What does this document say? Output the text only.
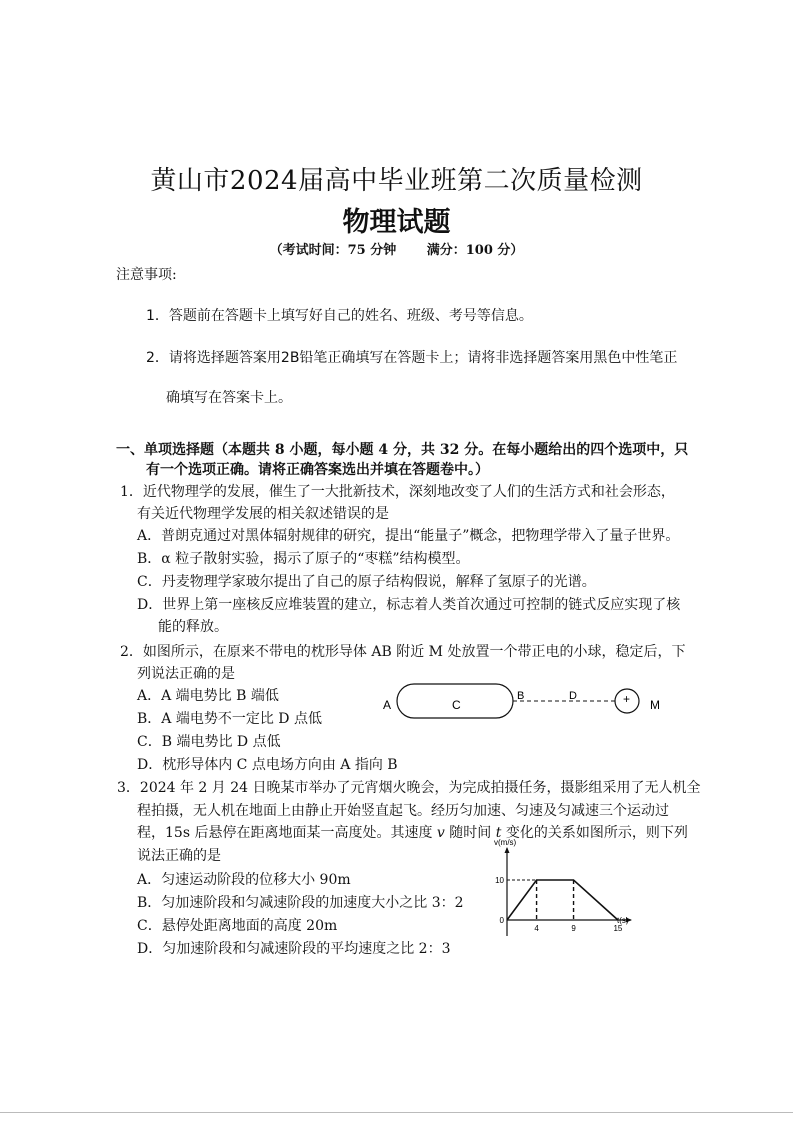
黄山市2024届高中毕业班第二次质量检测
物理试题
（考试时间：75 分钟　　 满分：100 分）
注意事项:
1．答题前在答题卡上填写好自己的姓名、班级、考号等信息。
2．请将选择题答案用2B铅笔正确填写在答题卡上；请将非选择题答案用黑色中性笔正
确填写在答案卡上。
一、单项选择题（本题共 8 小题，每小题 4 分，共 32 分。在每小题给出的四个选项中，只
有一个选项正确。请将正确答案选出并填在答题卷中。）
1．近代物理学的发展，催生了一大批新技术，深刻地改变了人们的生活方式和社会形态，
有关近代物理学发展的相关叙述错误的是
A．普朗克通过对黑体辐射规律的研究，提出“能量子”概念，把物理学带入了量子世界。
B．α 粒子散射实验，揭示了原子的“枣糕”结构模型。
C．丹麦物理学家玻尔提出了自己的原子结构假说，解释了氢原子的光谱。
D．世界上第一座核反应堆装置的建立，标志着人类首次通过可控制的链式反应实现了核
能的释放。
2．如图所示，在原来不带电的枕形导体 AB 附近 M 处放置一个带正电的小球，稳定后，下
列说法正确的是
A．A 端电势比 B 端低
B．A 端电势不一定比 D 点低
C．B 端电势比 D 点低
D．枕形导体内 C 点电场方向由 A 指向 B
A	C
B	D	+ M
3．2024 年 2 月 24 日晚某市举办了元宵烟火晚会，为完成拍摄任务，摄影组采用了无人机全
程拍摄，无人机在地面上由静止开始竖直起飞。经历匀加速、匀速及匀减速三个运动过
程，15s 后悬停在距离地面某一高度处。其速度 v 随时间 t 变化的关系如图所示，则下列
说法正确的是
A．匀速运动阶段的位移大小 90m
B．匀加速阶段和匀减速阶段的加速度大小之比 3：2
C．悬停处距离地面的高度 20m
D．匀加速阶段和匀减速阶段的平均速度之比 2：3
v(m/s)
t(s)
10
0
4	9	15
